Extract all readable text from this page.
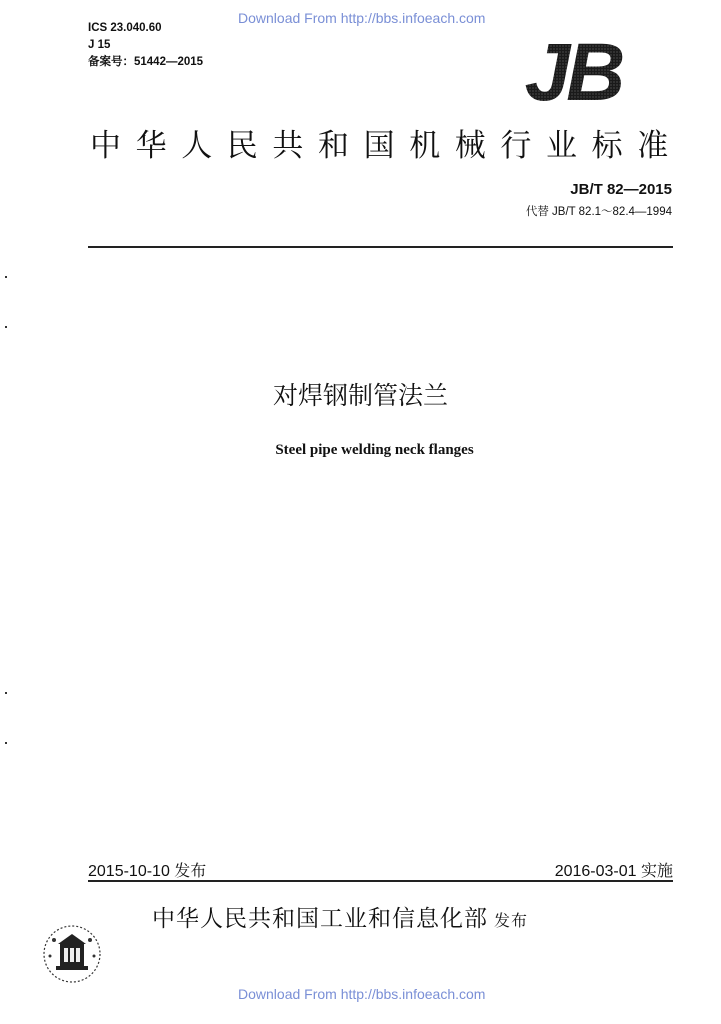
Download From http://bbs.infoeach.com
ICS 23.040.60
J 15
备案号：51442—2015	JB
中华人民共和国机械行业标准
JB/T 82—2015
代替 JB/T 82.1～82.4—1994
对焊钢制管法兰
Steel pipe welding neck flanges
2015-10-10 发布	2016-03-01 实施
中华人民共和国工业和信息化部 发布
Download From http://bbs.infoeach.com
